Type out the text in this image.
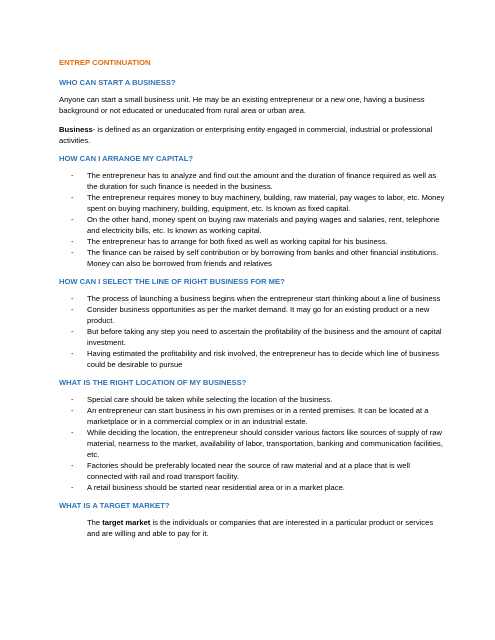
ENTREP CONTINUATION
WHO CAN START A BUSINESS?

Anyone can start a small business unit. He may be an existing entrepreneur or a new one, having a business background or not educated or uneducated from rural area or urban area.

Business- is defined as an organization or enterprising entity engaged in commercial, industrial or professional activities.

HOW CAN I ARRANGE MY CAPITAL?
- The entrepreneur has to analyze and find out the amount and the duration of finance required as well as the duration for such finance is needed in the business.
- The entrepreneur requires money to buy machinery, building, raw material, pay wages to labor, etc. Money spent on buying machinery, building, equipment, etc. Is known as fixed capital.
- On the other hand, money spent on buying raw materials and paying wages and salaries, rent, telephone and electricity bills, etc. Is known as working capital.
- The entrepreneur has to arrange for both fixed as well as working capital for his business.
- The finance can be raised by self contribution or by borrowing from banks and other financial institutions. Money can also be borrowed from friends and relatives
HOW CAN I SELECT THE LINE OF RIGHT BUSINESS FOR ME?
- The process of launching a business begins when the entrepreneur start thinking about a line of business
- Consider business opportunities as per the market demand. It may go for an existing product or a new product.
- But before taking any step you need to ascertain the profitability of the business and the amount of capital investment.
- Having estimated the profitability and risk involved, the entrepreneur has to decide which line of business could be desirable to pursue
WHAT IS THE RIGHT LOCATION OF MY BUSINESS?
- Special care should be taken while selecting the location of the business.
- An entrepreneur can start business in his own premises or in a rented premises. It can be located at a marketplace or in a commercial complex or in an industrial estate.
- While deciding the location, the entrepreneur should consider various factors like sources of supply of raw material, nearness to the market, availability of labor, transportation, banking and communication facilities, etc.
- Factories should be preferably located near the source of raw material and at a place that is well connected with rail and road transport facility.
- A retail business should be started near residential area or in a market place.
WHAT IS A TARGET MARKET?

The target market is the individuals or companies that are interested in a particular product or services and are willing and able to pay for it.
